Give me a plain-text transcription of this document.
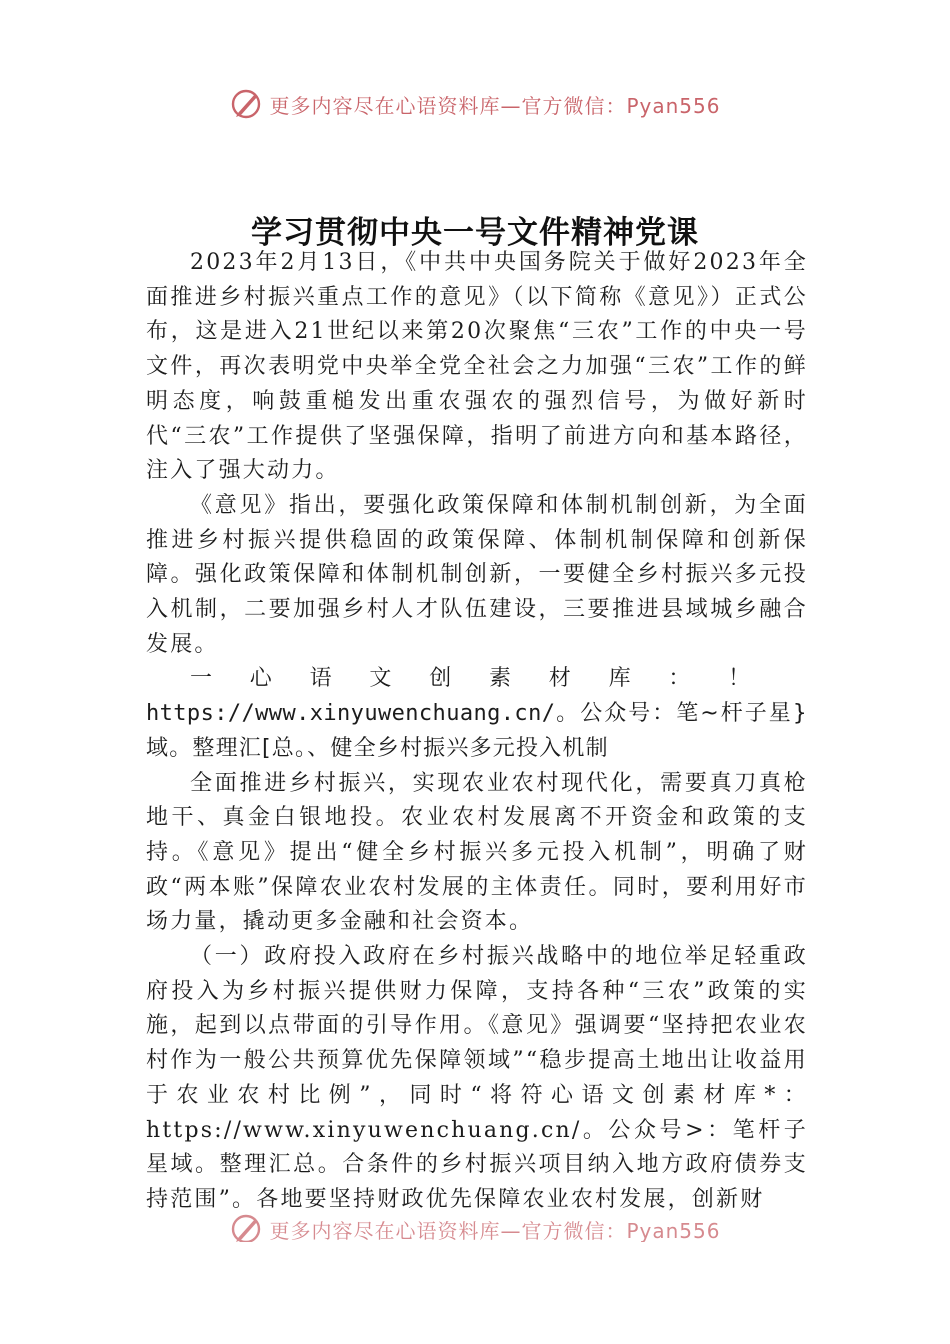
更多内容尽在心语资料库—官方微信：Pyan556
学习贯彻中央一号文件精神党课

2023年2月13日，《中共中央国务院关于做好2023年全面推进乡村振兴重点工作的意见》（以下简称《意见》）正式公布，这是进入21世纪以来第20次聚焦“三农”工作的中央一号文件，再次表明党中央举全党全社会之力加强“三农”工作的鲜明态度，响鼓重槌发出重农强农的强烈信号，为做好新时代“三农”工作提供了坚强保障，指明了前进方向和基本路径，注入了强大动力。

《意见》指出，要强化政策保障和体制机制创新，为全面推进乡村振兴提供稳固的政策保障、体制机制保障和创新保障。强化政策保障和体制机制创新，一要健全乡村振兴多元投入机制，二要加强乡村人才队伍建设，三要推进县域城乡融合发展。

一心语文创素材库：！https://www.xinyuwenchuang.cn/。公众号：笔~杆子星}域。整理汇[总。、健全乡村振兴多元投入机制

全面推进乡村振兴，实现农业农村现代化，需要真刀真枪地干、真金白银地投。农业农村发展离不开资金和政策的支持。《意见》提出“健全乡村振兴多元投入机制”，明确了财政“两本账”保障农业农村发展的主体责任。同时，要利用好市场力量，撬动更多金融和社会资本。

（一）政府投入政府在乡村振兴战略中的地位举足轻重政府投入为乡村振兴提供财力保障，支持各种“三农”政策的实施，起到以点带面的引导作用。《意见》强调要“坚持把农业农村作为一般公共预算优先保障领域”“稳步提高土地出让收益用于农业农村比例”，同时“将符心语文创素材库*：https://www.xinyuwenchuang.cn/。公众号>：笔杆子星域。整理汇总。合条件的乡村振兴项目纳入地方政府债券支持范围”。各地要坚持财政优先保障农业农村发展，创新财

更多内容尽在心语资料库—官方微信：Pyan556
